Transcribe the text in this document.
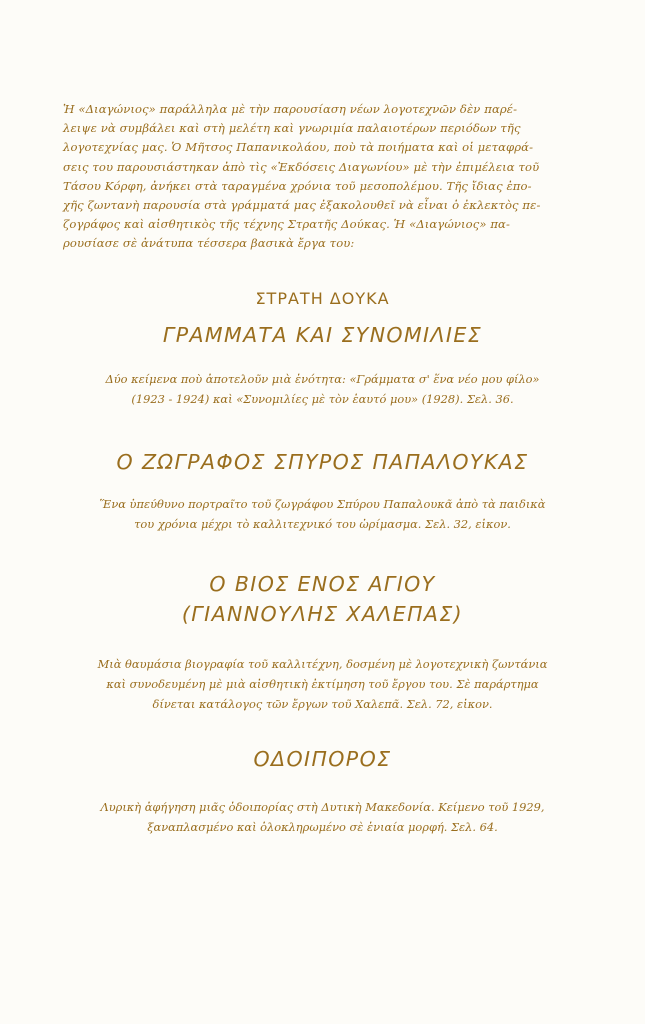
Ἡ «Διαγώνιος» παράλληλα μὲ τὴν παρουσίαση νέων λογοτεχνῶν δὲν παρέ-

λειψε νὰ συμβάλει καὶ στὴ μελέτη καὶ γνωριμία παλαιοτέρων περιόδων τῆς

λογοτεχνίας μας. Ὁ Μῆτσος Παπανικολάου, ποὺ τὰ ποιήματα καὶ οἱ μεταφρά-

σεις του παρουσιάστηκαν ἀπὸ τὶς «Ἐκδόσεις Διαγωνίου» μὲ τὴν ἐπιμέλεια τοῦ

Τάσου Κόρφη, ἀνήκει στὰ ταραγμένα χρόνια τοῦ μεσοπολέμου. Τῆς ἴδιας ἐπο-

χῆς ζωντανὴ παρουσία στὰ γράμματά μας ἐξακολουθεῖ νὰ εἶναι ὁ ἐκλεκτὸς πε-

ζογράφος καὶ αἰσθητικὸς τῆς τέχνης Στρατῆς Δούκας. Ἡ «Διαγώνιος» πα-

ρουσίασε σὲ ἀνάτυπα τέσσερα βασικὰ ἔργα του:

ΣΤΡΑΤΗ ΔΟΥΚΑ
ΓΡΑΜΜΑΤΑ ΚΑΙ ΣΥΝΟΜΙΛΙΕΣ
Δύο κείμενα ποὺ ἀποτελοῦν μιὰ ἑνότητα: «Γράμματα σ' ἕνα νέο μου φίλο»
(1923 - 1924) καὶ «Συνομιλίες μὲ τὸν ἑαυτό μου» (1928). Σελ. 36.
Ο ΖΩΓΡΑΦΟΣ ΣΠΥΡΟΣ ΠΑΠΑΛΟΥΚΑΣ
Ἕνα ὑπεύθυνο πορτραῖτο τοῦ ζωγράφου Σπύρου Παπαλουκᾶ ἀπὸ τὰ παιδικὰ
του χρόνια μέχρι τὸ καλλιτεχνικό του ὡρίμασμα. Σελ. 32, εἰκον.
Ο ΒΙΟΣ ΕΝΟΣ ΑΓΙΟΥ
(ΓΙΑΝΝΟΥΛΗΣ ΧΑΛΕΠΑΣ)
Μιὰ θαυμάσια βιογραφία τοῦ καλλιτέχνη, δοσμένη μὲ λογοτεχνικὴ ζωντάνια
καὶ συνοδευμένη μὲ μιὰ αἰσθητικὴ ἐκτίμηση τοῦ ἔργου του. Σὲ παράρτημα
δίνεται κατάλογος τῶν ἔργων τοῦ Χαλεπᾶ. Σελ. 72, εἰκον.
ΟΔΟΙΠΟΡΟΣ
Λυρικὴ ἀφήγηση μιᾶς ὁδοιπορίας στὴ Δυτικὴ Μακεδονία. Κείμενο τοῦ 1929,
ξαναπλασμένο καὶ ὁλοκληρωμένο σὲ ἑνιαία μορφή. Σελ. 64.
